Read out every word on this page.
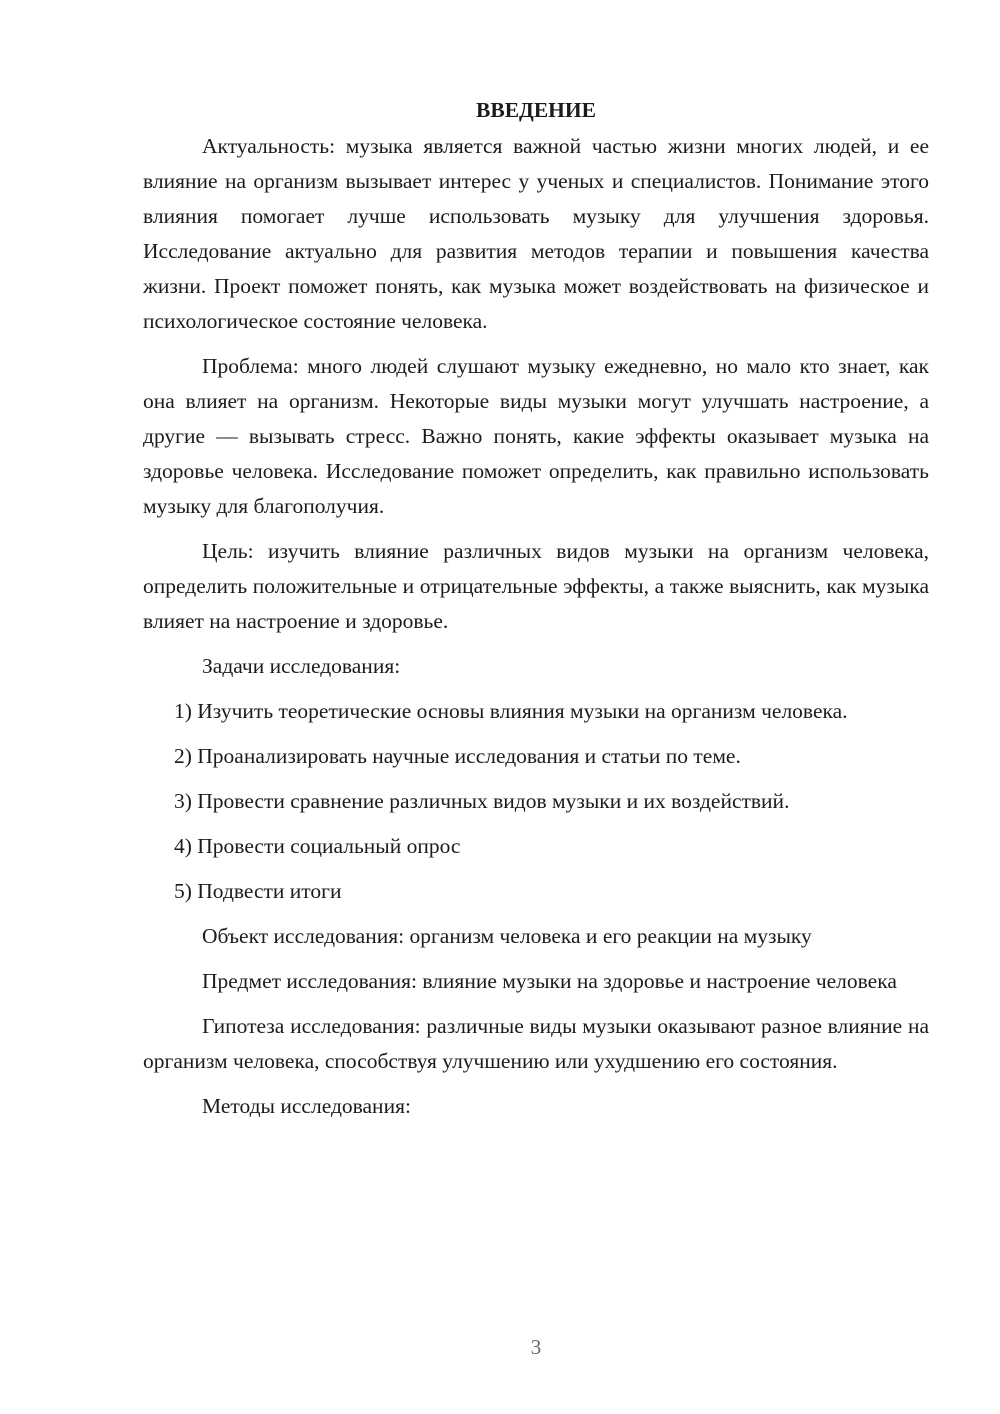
ВВЕДЕНИЕ

Актуальность: музыка является важной частью жизни многих людей, и ее влияние на организм вызывает интерес у ученых и специалистов. Понимание этого влияния помогает лучше использовать музыку для улучшения здоровья. Исследование актуально для развития методов терапии и повышения качества жизни. Проект поможет понять, как музыка может воздействовать на физическое и психологическое состояние человека.

Проблема: много людей слушают музыку ежедневно, но мало кто знает, как она влияет на организм. Некоторые виды музыки могут улучшать настроение, а другие — вызывать стресс. Важно понять, какие эффекты оказывает музыка на здоровье человека. Исследование поможет определить, как правильно использовать музыку для благополучия.

Цель: изучить влияние различных видов музыки на организм человека, определить положительные и отрицательные эффекты, а также выяснить, как музыка влияет на настроение и здоровье.

Задачи исследования:

1) Изучить теоретические основы влияния музыки на организм человека.
2) Проанализировать научные исследования и статьи по теме.
3) Провести сравнение различных видов музыки и их воздействий.
4) Провести социальный опрос
5) Подвести итоги

Объект исследования: организм человека и его реакции на музыку

Предмет исследования: влияние музыки на здоровье и настроение человека

Гипотеза исследования: различные виды музыки оказывают разное влияние на организм человека, способствуя улучшению или ухудшению его состояния.

Методы исследования:

3
